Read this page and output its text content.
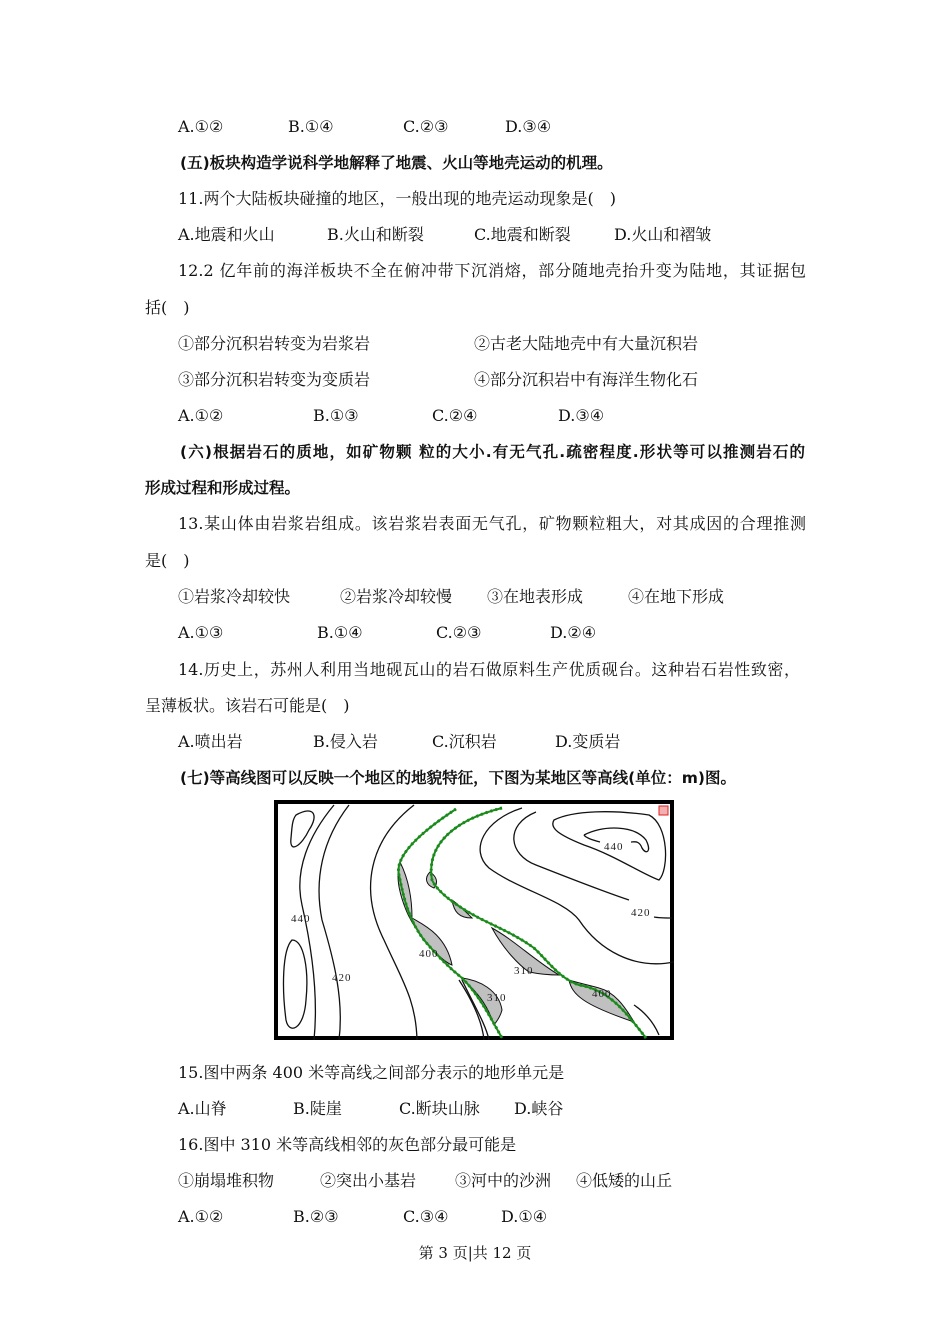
A.①②	B.①④	C.②③	D.③④
(五)板块构造学说科学地解释了地震、火山等地壳运动的机理。
11.两个大陆板块碰撞的地区，一般出现的地壳运动现象是(　)
A.地震和火山	B.火山和断裂	C.地震和断裂	D.火山和褶皱
12.2 亿年前的海洋板块不全在俯冲带下沉消熔，部分随地壳抬升变为陆地，其证据包
括(　)
①部分沉积岩转变为岩浆岩	②古老大陆地壳中有大量沉积岩
③部分沉积岩转变为变质岩	④部分沉积岩中有海洋生物化石
A.①②	B.①③	C.②④	D.③④
(六)根据岩石的质地，如矿物颗 粒的大小.有无气孔.疏密程度.形状等可以推测岩石的
形成过程和形成过程。
13.某山体由岩浆岩组成。该岩浆岩表面无气孔，矿物颗粒粗大，对其成因的合理推测
是(　)
①岩浆冷却较快	②岩浆冷却较慢 ③在地表形成	④在地下形成
A.①③	B.①④	C.②③	D.②④
14.历史上，苏州人利用当地砚瓦山的岩石做原料生产优质砚台。这种岩石岩性致密，
呈薄板状。该岩石可能是(　)
A.喷出岩	B.侵入岩	C.沉积岩	D.变质岩
(七)等高线图可以反映一个地区的地貌特征，下图为某地区等高线(单位：m)图。
440
420
400
310
310
400
420
440
15.图中两条 400 米等高线之间部分表示的地形单元是
A.山脊	B.陡崖	C.断块山脉 D.峡谷
16.图中 310 米等高线相邻的灰色部分最可能是
①崩塌堆积物	②突出小基岩 ③河中的沙洲 ④低矮的山丘
A.①②	B.②③	C.③④	D.①④
第 3 页|共 12 页
